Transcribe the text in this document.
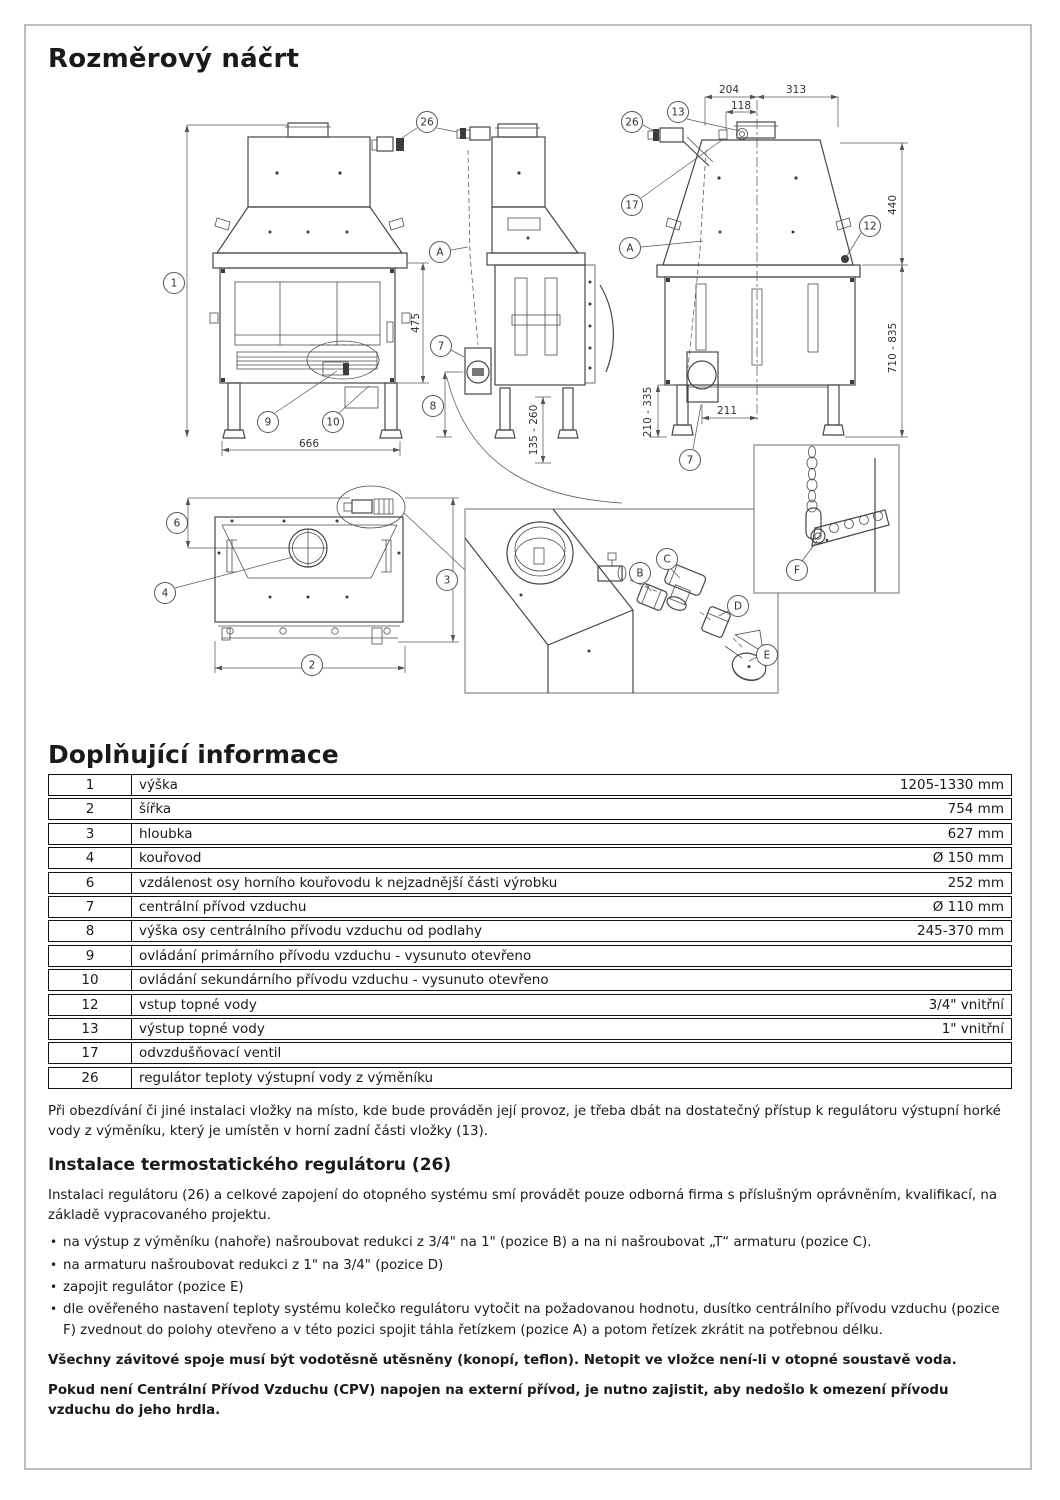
Rozměrový náčrt
1
26
9	10
A
7
8
26
13
17
A
12
7
6
4
3
2
B
C
D
E
F
666
475
135 - 260
204	313
118
440
710 - 835
210 - 335	211
Doplňující informace
1	výška	1205-1330 mm
2	šířka	754 mm
3	hloubka	627 mm
4	kouřovod	Ø 150 mm
6	vzdálenost osy horního kouřovodu k nejzadnější části výrobku	252 mm
7	centrální přívod vzduchu	Ø 110 mm
8	výška osy centrálního přívodu vzduchu od podlahy	245-370 mm
9	ovládání primárního přívodu vzduchu - vysunuto otevřeno
10	ovládání sekundárního přívodu vzduchu - vysunuto otevřeno
12	vstup topné vody	3/4" vnitřní
13	výstup topné vody	1" vnitřní
17	odvzdušňovací ventil
26	regulátor teploty výstupní vody z výměníku

Při obezdívání či jiné instalaci vložky na místo, kde bude prováděn její provoz, je třeba dbát na dostatečný přístup k regulátoru výstupní horké vody z výměníku, který je umístěn v horní zadní části vložky (13).

Instalace termostatického regulátoru (26)

Instalaci regulátoru (26) a celkové zapojení do otopného systému smí provádět pouze odborná firma s příslušným oprávněním, kvalifikací, na základě vypracovaného projektu.

• na výstup z výměníku (nahoře) našroubovat redukci z 3/4" na 1" (pozice B) a na ni našroubovat „T“ armaturu (pozice C).
• na armaturu našroubovat redukci z 1" na 3/4" (pozice D)
• zapojit regulátor (pozice E)
• dle ověřeného nastavení teploty systému kolečko regulátoru vytočit na požadovanou hodnotu, dusítko centrálního přívodu vzduchu (pozice F) zvednout do polohy otevřeno a v této pozici spojit táhla řetízkem (pozice A) a potom řetízek zkrátit na potřebnou délku.
Všechny závitové spoje musí být vodotěsně utěsněny (konopí, teflon). Netopit ve vložce není-li v otopné soustavě voda.
Pokud není Centrální Přívod Vzduchu (CPV) napojen na externí přívod, je nutno zajistit, aby nedošlo k omezení přívodu vzduchu do jeho hrdla.
